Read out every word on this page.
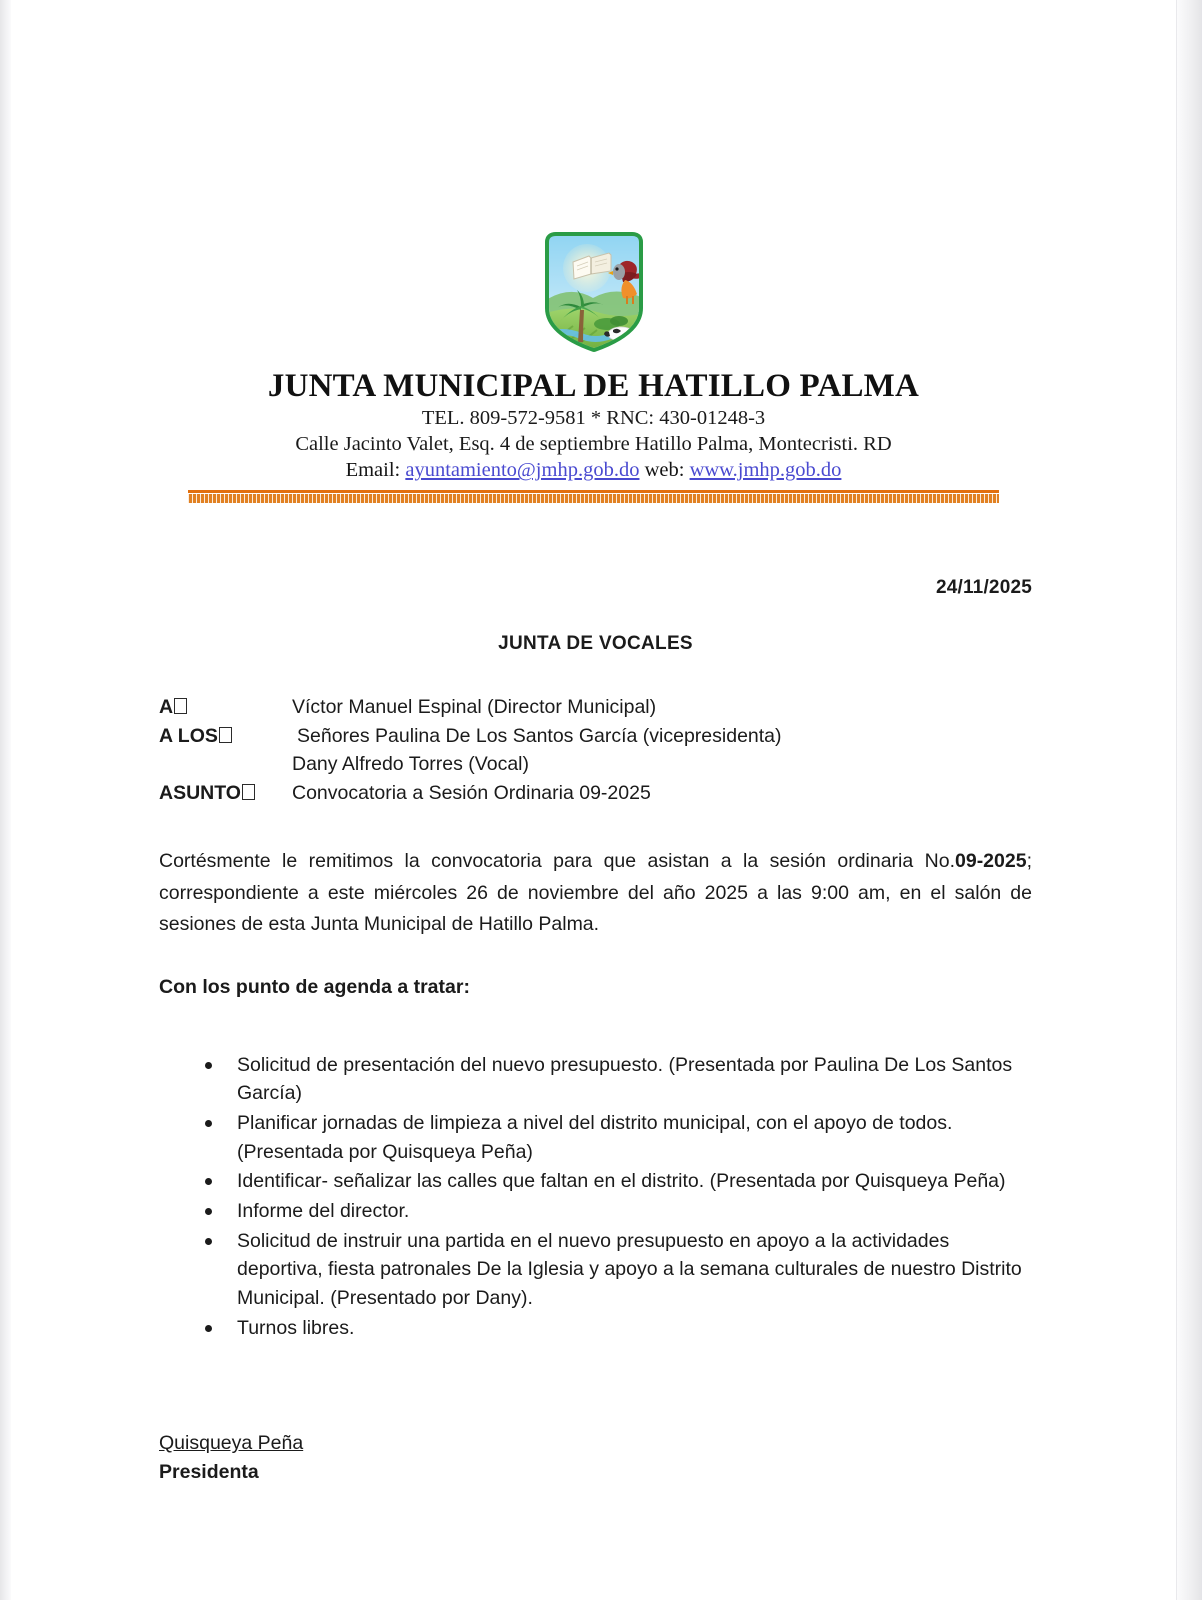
JUNTA MUNICIPAL DE HATILLO PALMA
TEL. 809-572-9581 * RNC: 430-01248-3
Calle Jacinto Valet, Esq. 4 de septiembre Hatillo Palma, Montecristi. RD
Email: ayuntamiento@jmhp.gob.do web: www.jmhp.gob.do
24/11/2025
JUNTA DE VOCALES
A	Víctor Manuel Espinal (Director Municipal)
A LOS	Señores Paulina De Los Santos García (vicepresidenta)
Dany Alfredo Torres (Vocal)
ASUNTO	Convocatoria a Sesión Ordinaria 09-2025

Cortésmente le remitimos la convocatoria para que asistan a la sesión ordinaria No.09-2025; correspondiente a este miércoles 26 de noviembre del año 2025 a las 9:00 am, en el salón de sesiones de esta Junta Municipal de Hatillo Palma.

Con los punto de agenda a tratar:
Solicitud de presentación del nuevo presupuesto. (Presentada por Paulina De Los Santos García)
Planificar jornadas de limpieza a nivel del distrito municipal, con el apoyo de todos. (Presentada por Quisqueya Peña)
Identificar- señalizar las calles que faltan en el distrito. (Presentada por Quisqueya Peña)
Informe del director.
Solicitud de instruir una partida en el nuevo presupuesto en apoyo a la actividades deportiva, fiesta patronales De la Iglesia y apoyo a la semana culturales de nuestro Distrito Municipal. (Presentado por Dany).
Turnos libres.
Quisqueya Peña
Presidenta
